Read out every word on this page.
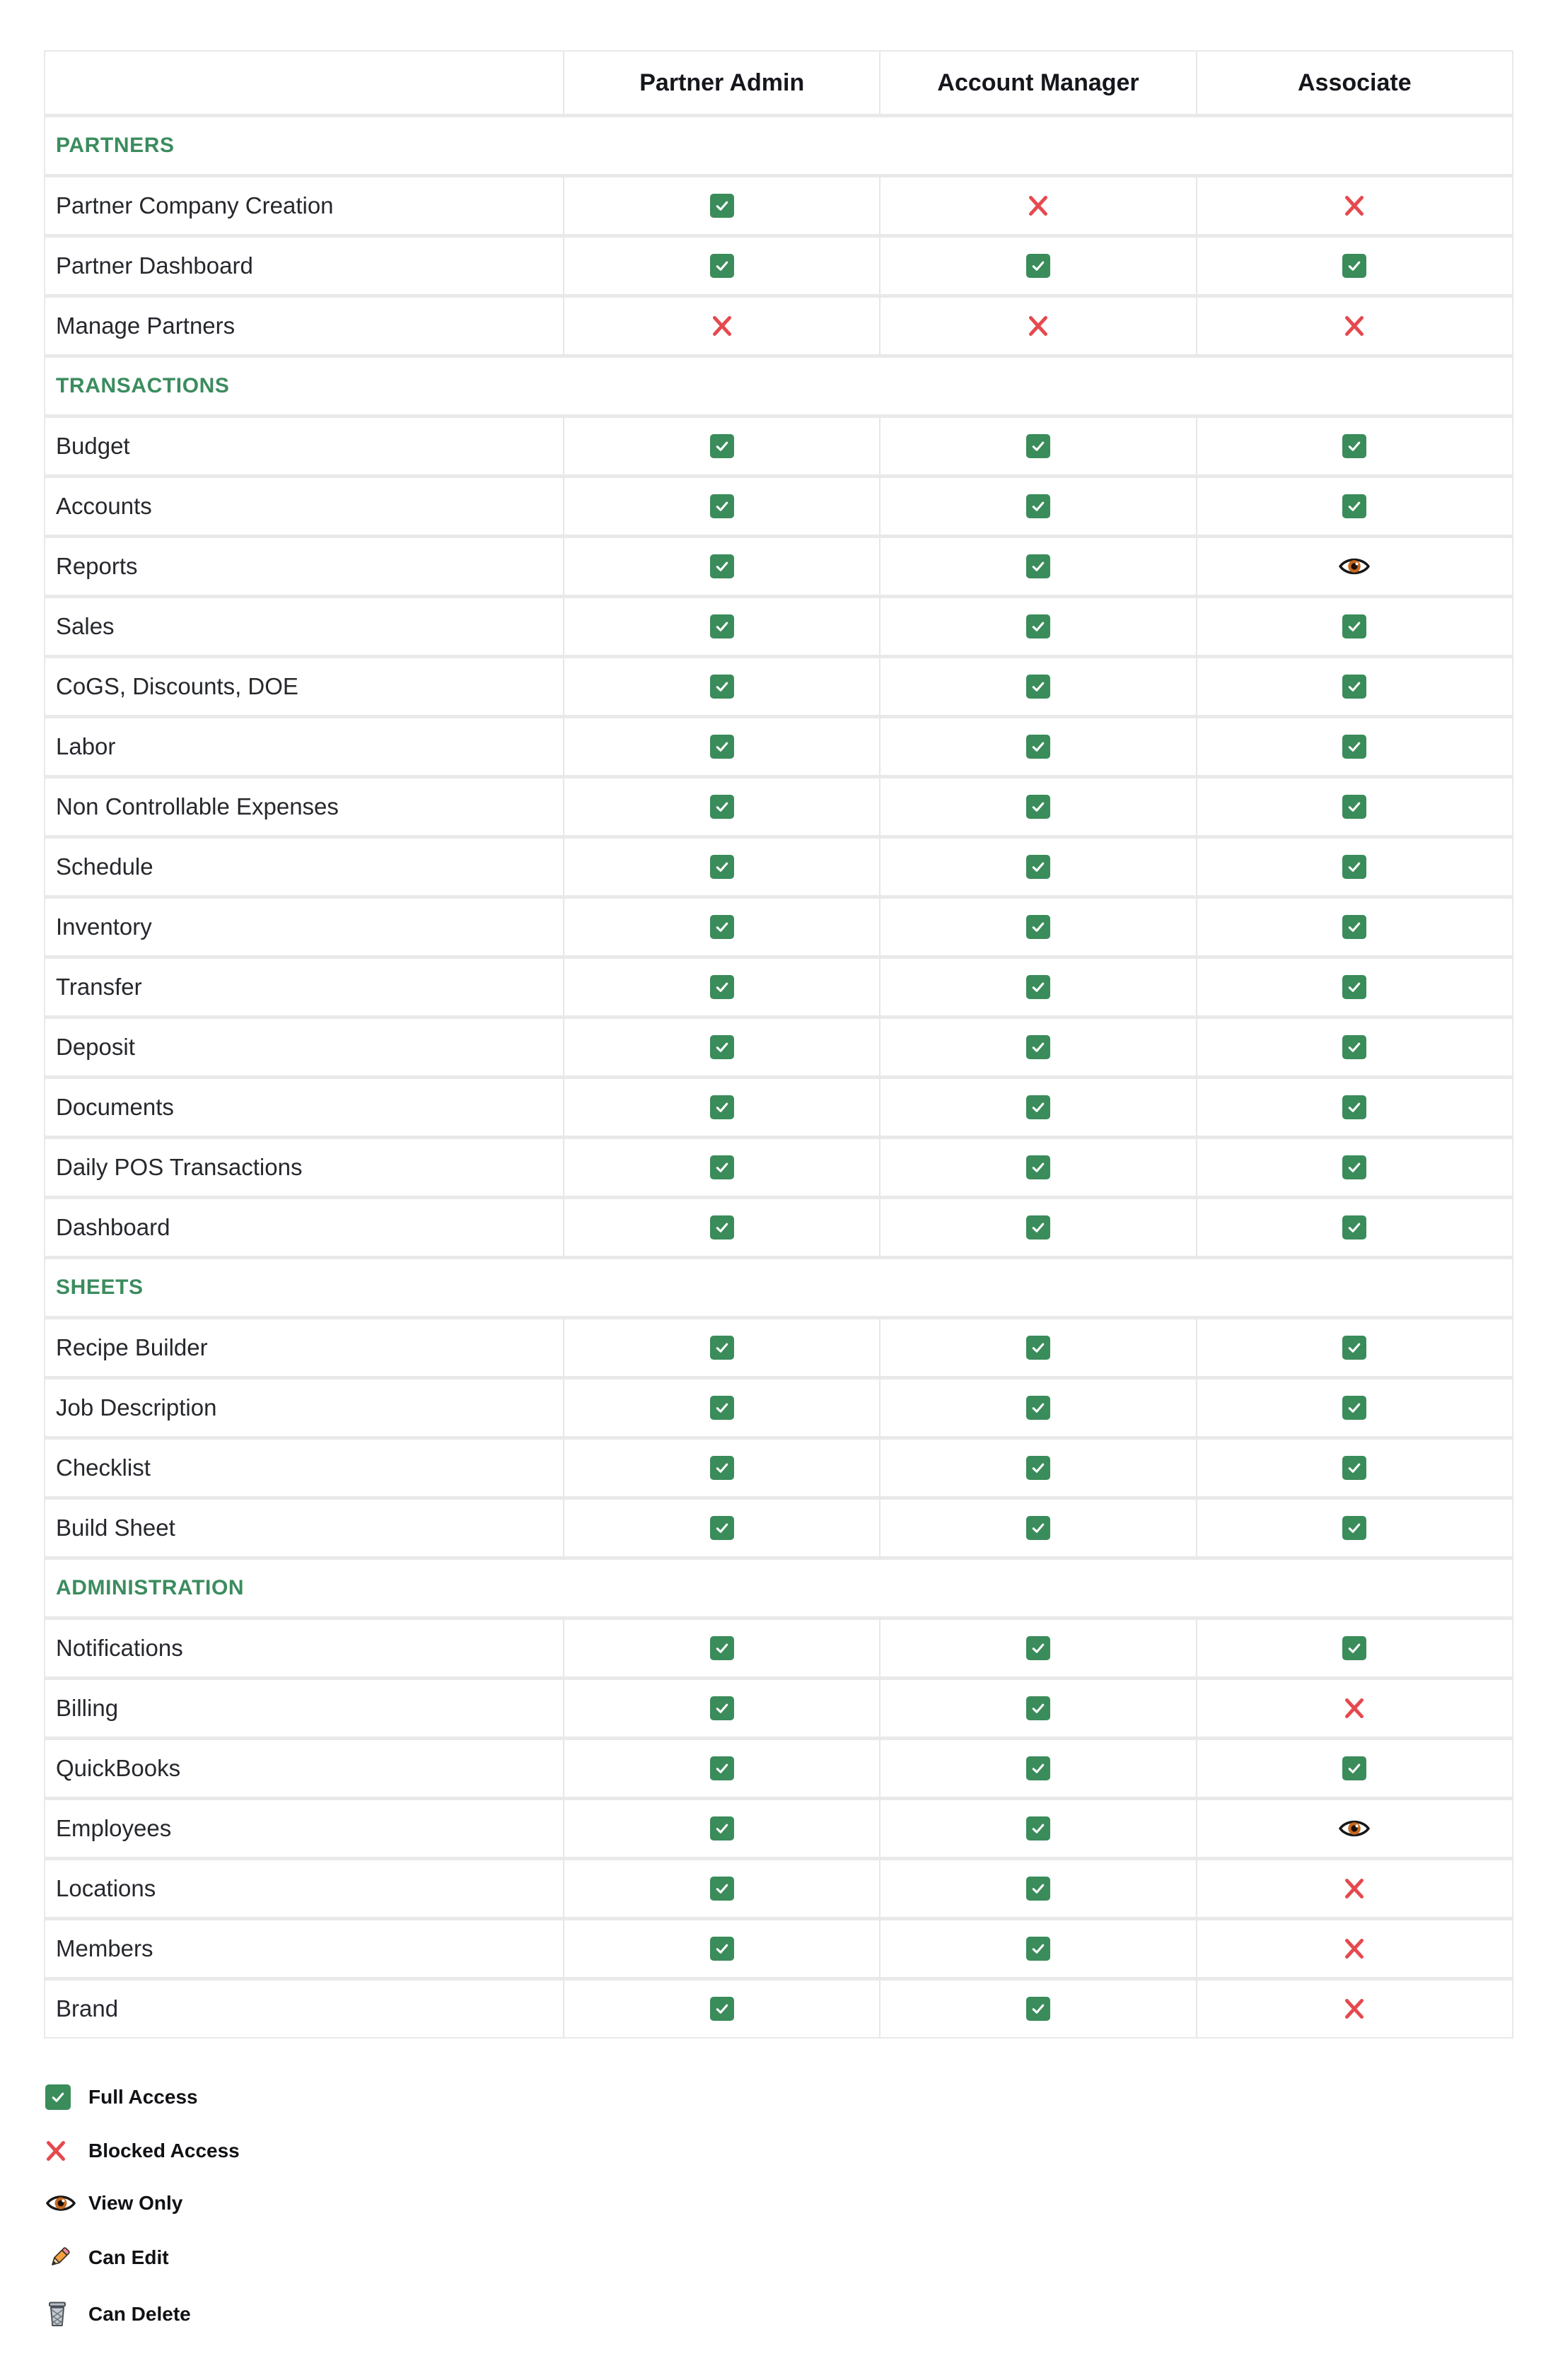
Partner Admin	Account Manager	Associate
PARTNERS
Partner Company Creation
Partner Dashboard
Manage Partners
TRANSACTIONS
Budget
Accounts
Reports
Sales
CoGS, Discounts, DOE
Labor
Non Controllable Expenses
Schedule
Inventory
Transfer
Deposit
Documents
Daily POS Transactions
Dashboard
SHEETS
Recipe Builder
Job Description
Checklist
Build Sheet
ADMINISTRATION
Notifications
Billing
QuickBooks
Employees
Locations
Members
Brand
Full Access
Blocked Access
View Only
Can Edit
Can Delete
